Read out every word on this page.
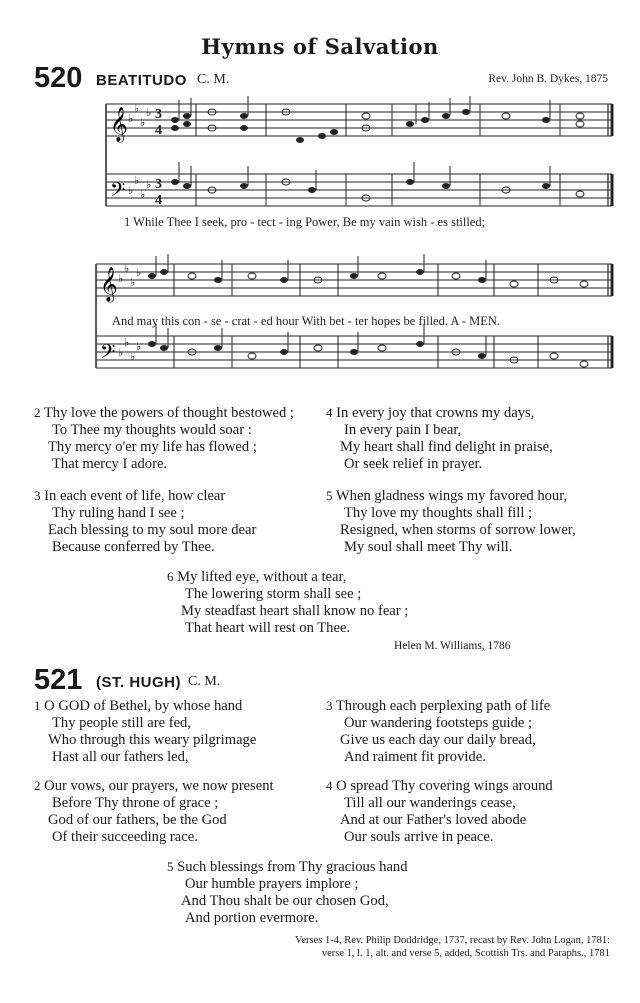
Hymns of Salvation
520 BEATITUDO C. M.	Rev. John B. Dykes, 1875
𝄞
𝄢
♭
♭
♭
♭
♭
♭
♭
♭
3
4
3
4
1 While Thee I seek, pro - tect - ing Power, Be my vain wish - es stilled;
𝄞
𝄢
♭
♭
♭
♭
♭
♭
♭
♭
And may this con - se - crat - ed hour With bet - ter hopes be filled. A - MEN.
2 Thy love the powers of thought bestowed ;
To Thee my thoughts would soar :
Thy mercy o'er my life has flowed ;
That mercy I adore.
4 In every joy that crowns my days,
In every pain I bear,
My heart shall find delight in praise,
Or seek relief in prayer.
3 In each event of life, how clear
Thy ruling hand I see ;
Each blessing to my soul more dear
Because conferred by Thee.
5 When gladness wings my favored hour,
Thy love my thoughts shall fill ;
Resigned, when storms of sorrow lower,
My soul shall meet Thy will.
6 My lifted eye, without a tear,
The lowering storm shall see ;
My steadfast heart shall know no fear ;
That heart will rest on Thee.
Helen M. Williams, 1786
521 (ST. HUGH) C. M.
1 O GOD of Bethel, by whose hand
Thy people still are fed,
Who through this weary pilgrimage
Hast all our fathers led,
3 Through each perplexing path of life
Our wandering footsteps guide ;
Give us each day our daily bread,
And raiment fit provide.
2 Our vows, our prayers, we now present
Before Thy throne of grace ;
God of our fathers, be the God
Of their succeeding race.
4 O spread Thy covering wings around
Till all our wanderings cease,
And at our Father's loved abode
Our souls arrive in peace.
5 Such blessings from Thy gracious hand
Our humble prayers implore ;
And Thou shalt be our chosen God,
And portion evermore.
Verses 1-4, Rev. Philip Doddridge, 1737, recast by Rev. John Logan, 1781:
verse 1, l. 1, alt. and verse 5, added, Scottish Trs. and Paraphs., 1781
